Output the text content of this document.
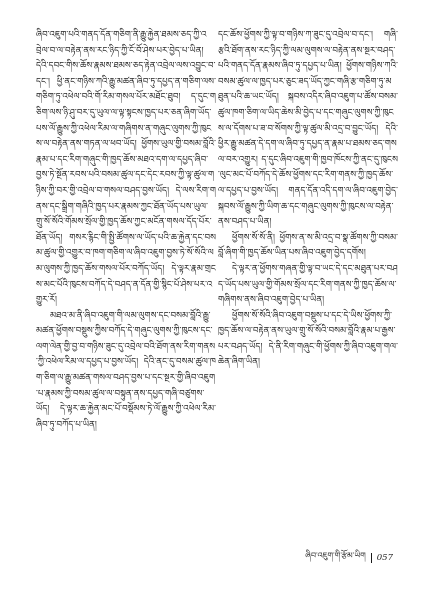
ཞིབ་འཇུག་པའི་གནད་དོན་གཅིག་ནི་རྒྱུ་རྐྱེན་ཐམས་ཅད་ཀྱི་འབྲེལ་བ་ལ་བརྟེན་ནས་རང་ཉིད་ཀྱི་ངོ་བོ་ཤེས་པར་བྱེད་པ་ཡིན། དེའི་དབང་གིས་ཆོས་རྣམས་ཐམས་ཅད་རྟེན་འབྲེལ་ལས་འབྱུང་བ་དང་། ཕྱི་ནང་གཉིས་ཀའི་རྒྱུ་མཚན་ཞིབ་ཏུ་དཔྱད་ན་གཅིག་ལས་གཅིག་ཏུ་འཕེལ་བའི་གོ་རིམ་གསལ་པོར་མཐོང་ཐུབ། ད་དུང་གཅིག་ལས་ཉི་ཤུ་བར་དུ་ཡུལ་ལ་ལྟ་སྟངས་ཁྱད་པར་ཅན་ཞིག་ཡོད་པས་ལོ་རྒྱུས་ཀྱི་འཕེལ་རིམ་ལ་གཞིགས་ན་གཞུང་ལུགས་ཀྱི་ཁུངས་ལ་བརྟེན་ནས་གཏན་ལ་ཕབ་ཡོད། ཕྱོགས་ཡུལ་གྱི་བསམ་བློའི་རྣམ་པ་དང་རིག་གཞུང་གི་ཁྱད་ཆོས་མཐའ་དག་ལ་དཔྱད་ཞིབ་བྱས་ཏེ་སྔོན་རབས་པའི་བསམ་ཚུལ་དང་དེང་རབས་ཀྱི་ལྟ་ཚུལ་གཉིས་ཀྱི་བར་གྱི་འབྲེལ་བ་གསལ་བཤད་བྱས་ཡོད། དེ་ལས་རིག་གནས་དང་སྒྲིག་གཞིའི་ཁྱད་པར་རྣམས་ཀྱང་ཐོན་ཡོད་པས་ཡུལ་གྲུ་སོ་སོའི་གོམས་སྲོལ་གྱི་ཁྱད་ཆོས་ཀྱང་མངོན་གསལ་དོད་པོར་ཐོན་ཡོད། གསར་རྙིང་གི་སྤྱི་ཚོགས་ལ་ཡོད་པའི་ཆ་རྐྱེན་དང་བསམ་ཚུལ་གྱི་འགྱུར་བ་ཁག་གཅིག་ལ་ཞིབ་འཇུག་བྱས་ཏེ་སོ་སོའི་ལམ་ལུགས་ཀྱི་ཁྱད་ཆོས་གསལ་པོར་བཀོད་ཡོད། དེ་ལྟར་རྣམ་གྲངས་མང་པོའི་ཁུངས་བཀོད་དེ་བཤད་ན་དོན་གྱི་སྙིང་པོ་ཤེས་པར་འགྱུར་རོ།

མཐའ་མ་ནི་ཞིབ་འཇུག་གི་ལམ་ལུགས་དང་བསམ་བློའི་རྒྱུ་མཚན་ཕྱོགས་བསྡུས་ཀྱིས་བཀོད་དེ་གཞུང་ལུགས་ཀྱི་ཁུངས་དང་ལག་ལེན་གྱི་བྱ་བ་གཉིས་ཟུང་དུ་འབྲེལ་བའི་ཐོག་ནས་རིག་གནས་ཀྱི་འཕེལ་རིམ་ལ་དཔྱད་པ་བྱས་ཡོད། དེའི་ནང་དུ་བསམ་ཚུལ་ཁག་ཅིག་ལ་རྒྱུ་མཚན་གསལ་བཤད་བྱས་པ་དང་སྔར་གྱི་ཞིབ་འཇུག་པ་རྣམས་ཀྱི་བསམ་ཚུལ་ལ་བསྟུན་ནས་དཔྱད་གཞི་བཙུགས་ཡོད། དེ་ལྟར་ཆ་རྐྱེན་མང་པོ་བསྡོམས་ཏེ་ལོ་རྒྱུས་ཀྱི་འཕེལ་རིམ་ཞིབ་ཏུ་བཀོད་པ་ཡིན།

དང་ཆོས་ཕྱོགས་ཀྱི་ལྟ་བ་གཉིས་ཀ་ཟུང་དུ་འབྲེལ་བ་དང་། གཞི་རྩའི་ཐོག་ནས་རང་ཉིད་ཀྱི་ལམ་ལུགས་ལ་བརྟེན་ནས་སྔར་བཤད་པའི་གནད་དོན་རྣམས་ཞིབ་ཏུ་དཔྱད་པ་ཡིན། ཕྱོགས་གཉིས་ཀའི་བསམ་ཚུལ་ལ་ཁྱད་པར་ཅུང་ཟད་ཡོད་ཀྱང་གཞི་རྩ་གཅིག་ཏུ་མཐུན་པའི་ཆ་ཡང་ཡོད། སྐབས་འདིར་ཞིབ་འཇུག་པ་ཚོས་བསམ་ཚུལ་ཁག་ཅིག་ལ་ཡིད་ཆེས་མི་བྱེད་པ་དང་གཞུང་ལུགས་ཀྱི་ཁུངས་ལ་དོགས་པ་ཟ་བ་སོགས་ཀྱི་ལྟ་ཚུལ་མི་འདྲ་བ་བྱུང་ཡོད། དེའི་ཕྱིར་རྒྱུ་མཚན་དེ་དག་ལ་ཞིབ་ཏུ་དཔྱད་ན་རྣམ་པ་ཐམས་ཅད་གསལ་བར་འགྱུར། ད་དུང་ཞིབ་འཇུག་གི་ཁྱབ་ཁོངས་ཀྱི་ནང་དུ་ཁུངས་ལུང་མང་པོ་བཀོད་དེ་ཆོས་ཕྱོགས་དང་རིག་གནས་ཀྱི་ཁྱད་ཆོས་ལ་དཔྱད་པ་བྱས་ཡོད། གནད་དོན་འདི་དག་ལ་ཞིབ་འཇུག་བྱེད་སྐབས་ལོ་རྒྱུས་ཀྱི་ཡིག་ཆ་དང་གཞུང་ལུགས་ཀྱི་ཁུངས་ལ་བརྟེན་ནས་བཤད་པ་ཡིན།

ཕྱོགས་སོ་སོ་ནི། ཕྱོགས་ན་ས་མི་འདྲ་བ་སྣ་ཚོགས་ཀྱི་བསམ་བློ་ཞིག་གི་ཁྱད་ཆོས་ཡིན་པས་ཞིབ་འཇུག་བྱེད་དགོས།

དེ་ལྟར་ན་ཕྱོགས་གཞན་གྱི་ལྟ་བ་ཡང་དེ་དང་མཐུན་པར་བཤད་ཡོད་པས་ཡུལ་གྱི་གོམས་སྲོལ་དང་རིག་གནས་ཀྱི་ཁྱད་ཆོས་ལ་གཞིགས་ནས་ཞིབ་འཇུག་བྱེད་པ་ཡིན།

ཕྱོགས་སོ་སོའི་ཞིབ་འཇུག་བསྡུས་པ་དང་དེ་ཡིས་ཕྱོགས་ཀྱི་ཁྱད་ཆོས་ལ་བརྟེན་ནས་ཡུལ་གྲུ་སོ་སོའི་བསམ་བློའི་རྣམ་པ་རྒྱས་པར་བཤད་ཡོད། དེ་ནི་རིག་གཞུང་གི་ཕྱོགས་ཀྱི་ཞིབ་འཇུག་གལ་ཆེན་ཞིག་ཡིན།

ཞིབ་འཇུག་གི་རྩོམ་ཡིག 057
